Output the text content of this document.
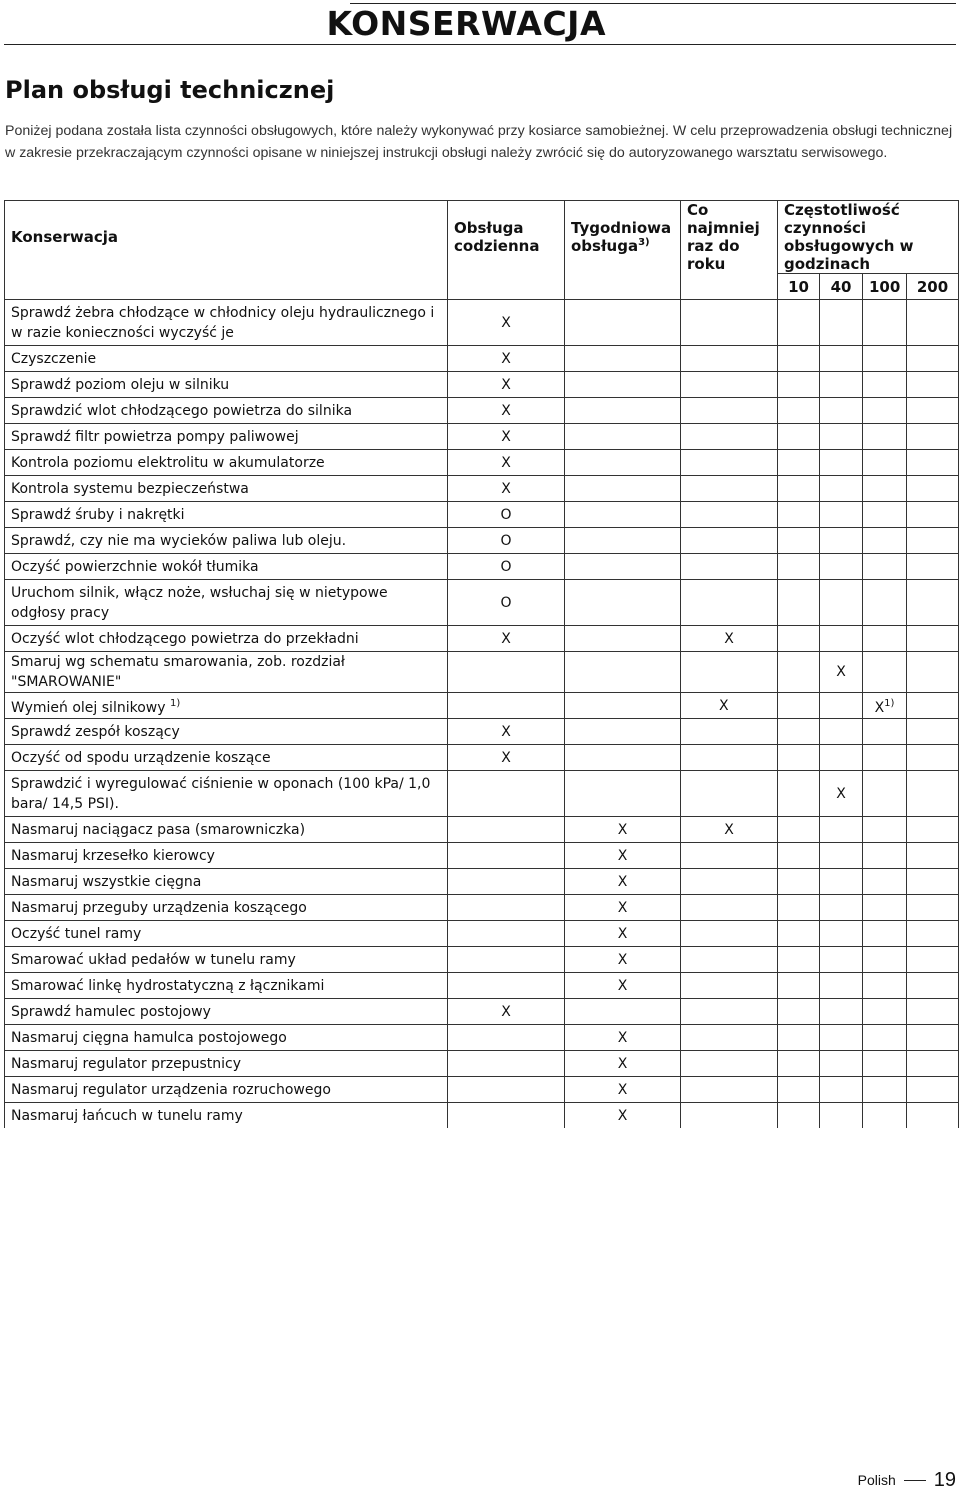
KONSERWACJA
Plan obsługi technicznej
Poniżej podana została lista czynności obsługowych, które należy wykonywać przy kosiarce samobieżnej. W celu przeprowadzenia obsługi technicznej w zakresie przekraczającym czynności opisane w niniejszej instrukcji obsługi należy zwrócić się do autoryzowanego warsztatu serwisowego.
Konserwacja	Obsługa codzienna	Tygodniowa obsługa$^{3)}$	Co najmniej raz do roku	Częstotliwość czynności obsługowych w godzinach			
				10	40	100	200
Sprawdź żebra chłodzące w chłodnicy oleju hydraulicznego i w razie konieczności wyczyść je	X						
Czyszczenie	X						
Sprawdź poziom oleju w silniku	X						
Sprawdzić wlot chłodzącego powietrza do silnika	X						
Sprawdź filtr powietrza pompy paliwowej	X						
Kontrola poziomu elektrolitu w akumulatorze	X						
Kontrola systemu bezpieczeństwa	X						
Sprawdź śruby i nakrętki	O						
Sprawdź, czy nie ma wycieków paliwa lub oleju.	O						
Oczyść powierzchnie wokół tłumika	O						
Uruchom silnik, włącz noże, wsłuchaj się w nietypowe odgłosy pracy	O						
Oczyść wlot chłodzącego powietrza do przekładni	X		X				
Smaruj wg schematu smarowania, zob. rozdział "SMAROWANIE"					X		
Wymień olej silnikowy $^{1)}$			X			$X^{1)}$	
Sprawdź zespół koszący	X						
Oczyść od spodu urządzenie koszące	X						
Sprawdzić i wyregulować ciśnienie w oponach (100 kPa/ 1,0 bara/ 14,5 PSI).					X		
Nasmaruj naciągacz pasa (smarowniczka)		X	X				
Nasmaruj krzesełko kierowcy		X					
Nasmaruj wszystkie cięgna		X					
Nasmaruj przeguby urządzenia koszącego		X					
Oczyść tunel ramy		X					
Smarować układ pedałów w tunelu ramy		X					
Smarować linkę hydrostatyczną z łącznikami		X					
Sprawdź hamulec postojowy	X						
Nasmaruj cięgna hamulca postojowego		X					
Nasmaruj regulator przepustnicy		X					
Nasmaruj regulator urządzenia rozruchowego		X					
Nasmaruj łańcuch w tunelu ramy		X					
Polish 19
